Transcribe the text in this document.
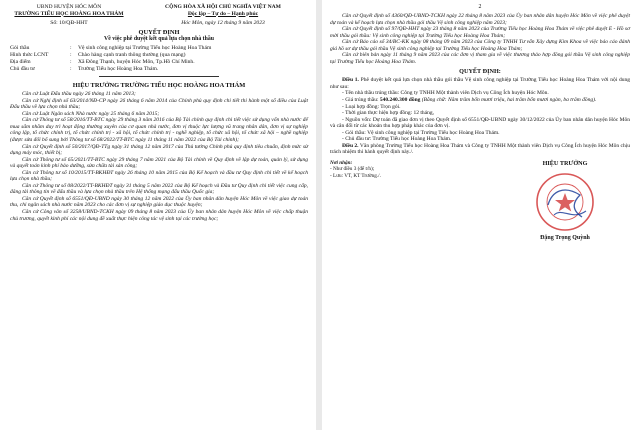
UBND HUYỆN HÓC MÔN
TRƯỜNG TIỂU HỌC HOÀNG HOA THÁM
CỘNG HÒA XÃ HỘI CHỦ NGHĨA VIỆT NAM
Độc lập – Tự do – Hạnh phúc
Số: 10/QĐ-HHT	Hóc Môn, ngày 12 tháng 9 năm 2023
QUYẾT ĐỊNH
Về việc phê duyệt kết quả lựa chọn nhà thầu
Gói thầu	:	Vệ sinh công nghiệp tại Trường Tiểu học Hoàng Hoa Thám
Hình thức LCNT	:	Chào hàng cạnh tranh thông thường (qua mạng)
Địa điểm	:	Xã Đông Thạnh, huyện Hóc Môn, Tp.Hồ Chí Minh.
Chủ đầu tư	:	Trường Tiểu học Hoàng Hoa Thám.
HIỆU TRƯỞNG TRƯỜNG TIỂU HỌC HOÀNG HOA THÁM

Căn cứ Luật Đấu thầu ngày 26 tháng 11 năm 2013;

Căn cứ Nghị định số 63/2014/NĐ-CP ngày 26 tháng 6 năm 2014 của Chính phủ quy định chi tiết thi hành một số điều của Luật Đấu thầu về lựa chọn nhà thầu;

Căn cứ Luật Ngân sách Nhà nước ngày 25 tháng 6 năm 2015;

Căn cứ Thông tư số 58/2016/TT-BTC ngày 29 tháng 3 năm 2016 của Bộ Tài chính quy định chi tiết việc sử dụng vốn nhà nước để mua sắm nhằm duy trì hoạt động thường xuyên của cơ quan nhà nước, đơn vị thuộc lực lượng vũ trang nhân dân, đơn vị sự nghiệp công lập, tổ chức chính trị, tổ chức chính trị - xã hội, tổ chức chính trị - nghề nghiệp, tổ chức xã hội, tổ chức xã hội – nghề nghiệp (được sửa đổi bổ sung bởi Thông tư số 68/2022/TT-BTC ngày 11 tháng 11 năm 2022 của Bộ Tài chính);

Căn cứ Quyết định số 50/2017/QĐ-TTg ngày 31 tháng 12 năm 2017 của Thủ tướng Chính phủ quy định tiêu chuẩn, định mức sử dụng máy móc, thiết bị;

Căn cứ Thông tư số 65/2021/TT-BTC ngày 29 tháng 7 năm 2021 của Bộ Tài chính về Quy định về lập dự toán, quản lý, sử dụng và quyết toán kinh phí bảo dưỡng, sửa chữa tài sản công;

Căn cứ Thông tư số 10/2015/TT-BKHĐT ngày 26 tháng 10 năm 2015 của Bộ Kế hoạch và đầu tư Quy định chi tiết về kế hoạch lựa chọn nhà thầu;

Căn cứ Thông tư số 08/2022/TT-BKHĐT ngày 31 tháng 5 năm 2022 của Bộ Kế hoạch và Đầu tư Quy định chi tiết việc cung cấp, đăng tải thông tin về đấu thầu và lựa chọn nhà thầu trên Hệ thống mạng đấu thầu Quốc gia;

Căn cứ Quyết định số 6551/QĐ-UBND ngày 30 tháng 12 năm 2022 của Ủy ban nhân dân huyện Hóc Môn về việc giao dự toán thu, chi ngân sách nhà nước năm 2023 cho các đơn vị sự nghiệp giáo dục thuộc huyện;

Căn cứ Công văn số 3258/UBND-TCKH ngày 09 tháng 8 năm 2023 của Ủy ban nhân dân huyện Hóc Môn về việc chấp thuận chủ trương, quyết kinh phí các nội dung đề xuất thực hiện công tác vệ sinh tại các trường học;

2

Căn cứ Quyết định số 4360/QĐ-UBND-TCKH ngày 22 tháng 8 năm 2023 của Ủy ban nhân dân huyện Hóc Môn về việc phê duyệt dự toán và kế hoạch lựa chọn nhà thầu gói thầu Vệ sinh công nghiệp năm 2023;

Căn cứ Quyết định số 97/QĐ-HHT ngày 23 tháng 8 năm 2023 của Trường Tiểu học Hoàng Hoa Thám về việc phê duyệt E - Hồ sơ mời thầu gói thầu: Vệ sinh công nghiệp tại Trường Tiểu học Hoàng Hoa Thám;

Căn cứ Báo cáo số 34/BC-KK ngày 08 tháng 09 năm 2023 của Công ty TNHH Tư vấn Xây dựng Kim Khoa về việc báo cáo đánh giá hồ sơ dự thầu gói thầu Vệ sinh công nghiệp tại Trường Tiểu học Hoàng Hoa Thám;

Căn cứ biên bản ngày 11 tháng 9 năm 2023 của các đơn vị tham gia về việc thương thảo hợp đồng gói thầu Vệ sinh công nghiệp tại Trường Tiểu học Hoàng Hoa Thám.

QUYẾT ĐỊNH:

Điều 1. Phê duyệt kết quả lựa chọn nhà thầu gói thầu Vệ sinh công nghiệp tại Trường Tiểu học Hoàng Hoa Thám với nội dung như sau:

- Tên nhà thầu trúng thầu: Công ty TNHH Một thành viên Dịch vụ Công Ích huyện Hóc Môn.

- Giá trúng thầu: 540.240.300 đồng (Bằng chữ: Năm trăm bốn mươi triệu, hai trăm bốn mươi ngàn, ba trăm đồng).

- Loại hợp đồng: Trọn gói.

- Thời gian thực hiện hợp đồng: 12 tháng,

- Nguồn vốn: Dự toán đã giao đơn vị theo Quyết định số 6551/QĐ-UBND ngày 30/12/2022 của Ủy ban nhân dân huyện Hóc Môn và cân đối từ các khoản thu hợp pháp khác của đơn vị.

- Gói thầu: Vệ sinh công nghiệp tại Trường Tiểu học Hoàng Hoa Thám.

- Chủ đầu tư: Trường Tiểu học Hoàng Hoa Thám.

Điều 2. Văn phòng Trường Tiểu học Hoàng Hoa Thám và Công ty TNHH Một thành viên Dịch vụ Công Ích huyện Hóc Môn chịu trách nhiệm thi hành quyết định này./.

Nơi nhận:
- Như điều 3 (để t/h);
- Lưu: VT, KT Trường./.
HIỆU TRƯỞNG
Đặng Trọng Quỳnh
